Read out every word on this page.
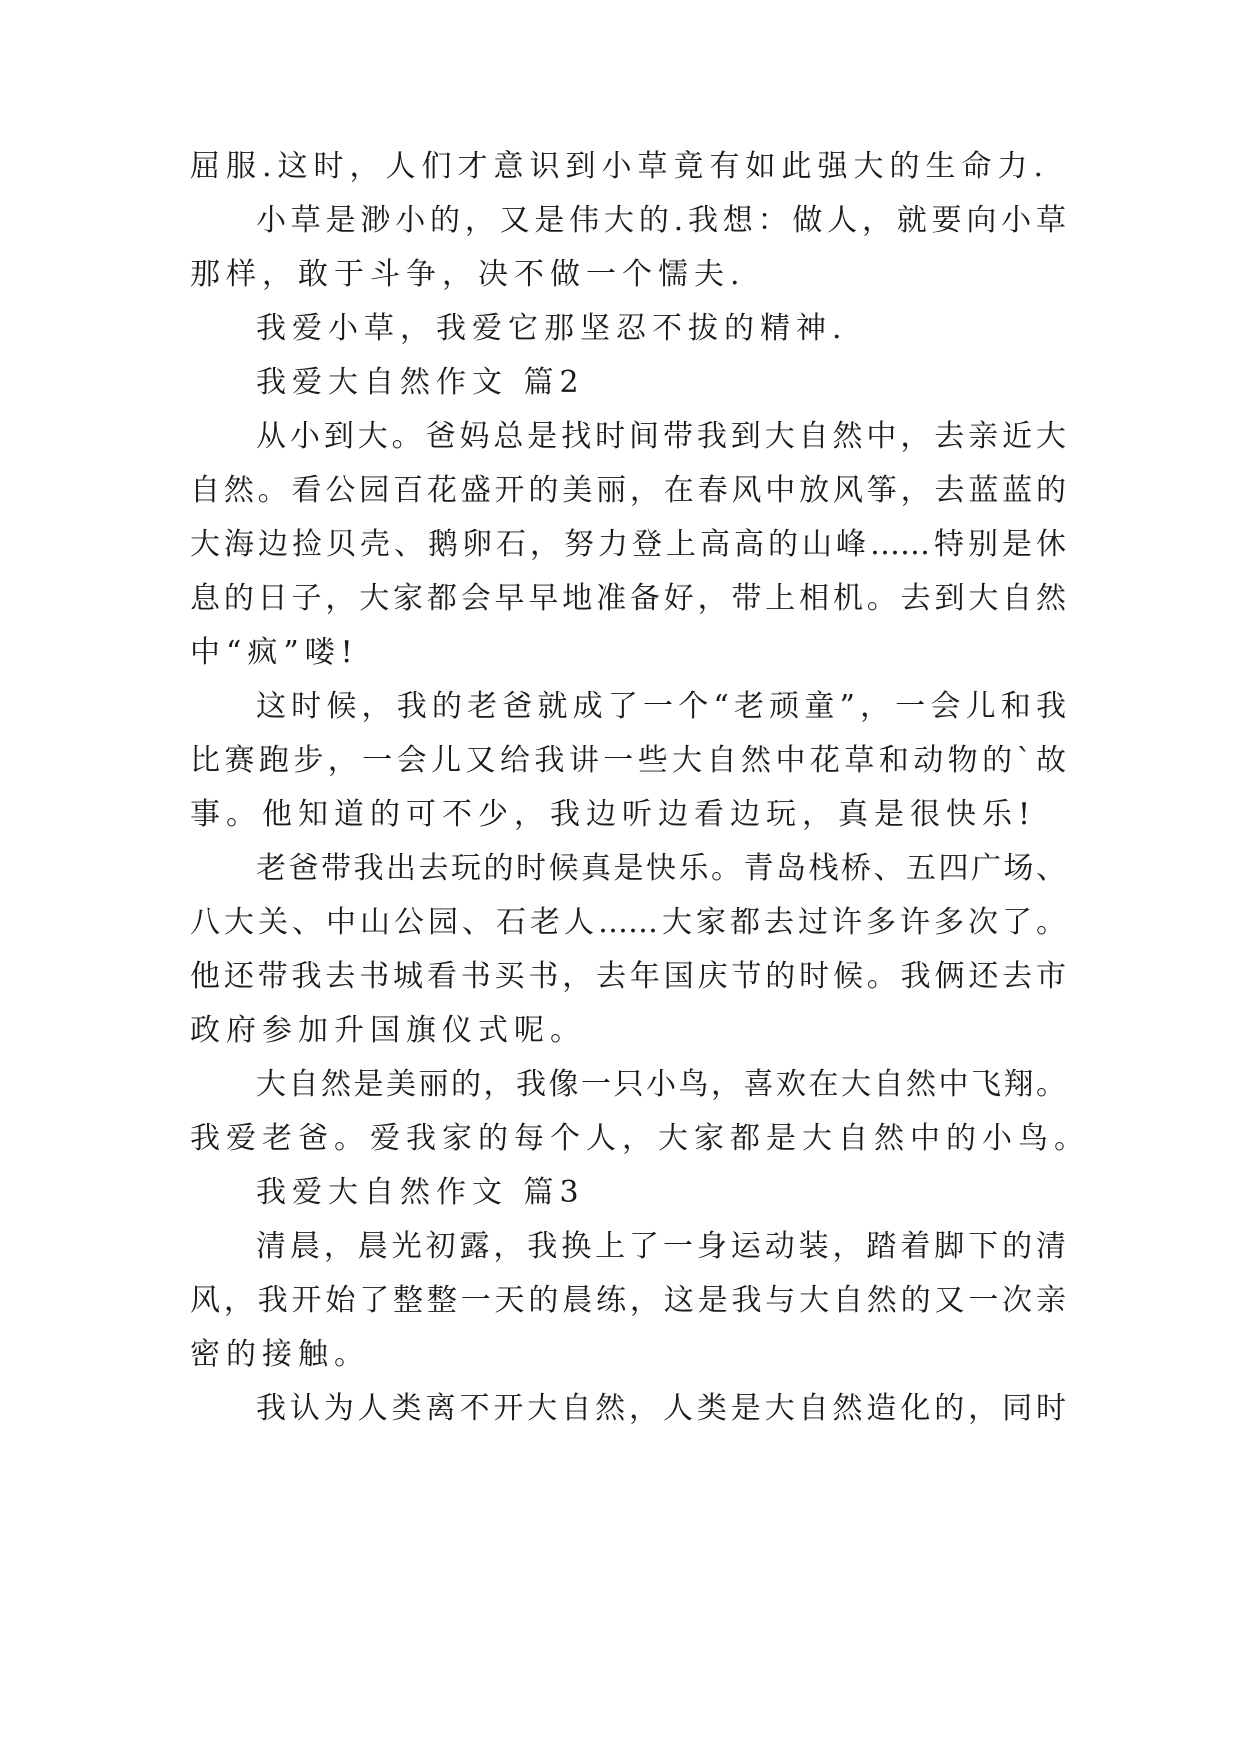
屈服.这时，人们才意识到小草竟有如此强大的生命力.
小草是渺小的，又是伟大的.我想：做人，就要向小草
那样，敢于斗争，决不做一个懦夫.
我爱小草，我爱它那坚忍不拔的精神.
我爱大自然作文 篇2
从小到大。爸妈总是找时间带我到大自然中，去亲近大
自然。看公园百花盛开的美丽，在春风中放风筝，去蓝蓝的
大海边捡贝壳、鹅卵石，努力登上高高的山峰……特别是休
息的日子，大家都会早早地准备好，带上相机。去到大自然
中“疯”喽!
这时候，我的老爸就成了一个“老顽童”，一会儿和我
比赛跑步，一会儿又给我讲一些大自然中花草和动物的`故
事。他知道的可不少，我边听边看边玩，真是很快乐!
老爸带我出去玩的时候真是快乐。青岛栈桥、五四广场、
八大关、中山公园、石老人……大家都去过许多许多次了。
他还带我去书城看书买书，去年国庆节的时候。我俩还去市
政府参加升国旗仪式呢。
大自然是美丽的，我像一只小鸟，喜欢在大自然中飞翔。
我爱老爸。爱我家的每个人，大家都是大自然中的小鸟。
我爱大自然作文 篇3
清晨，晨光初露，我换上了一身运动装，踏着脚下的清
风，我开始了整整一天的晨练，这是我与大自然的又一次亲
密的接触。
我认为人类离不开大自然，人类是大自然造化的，同时
